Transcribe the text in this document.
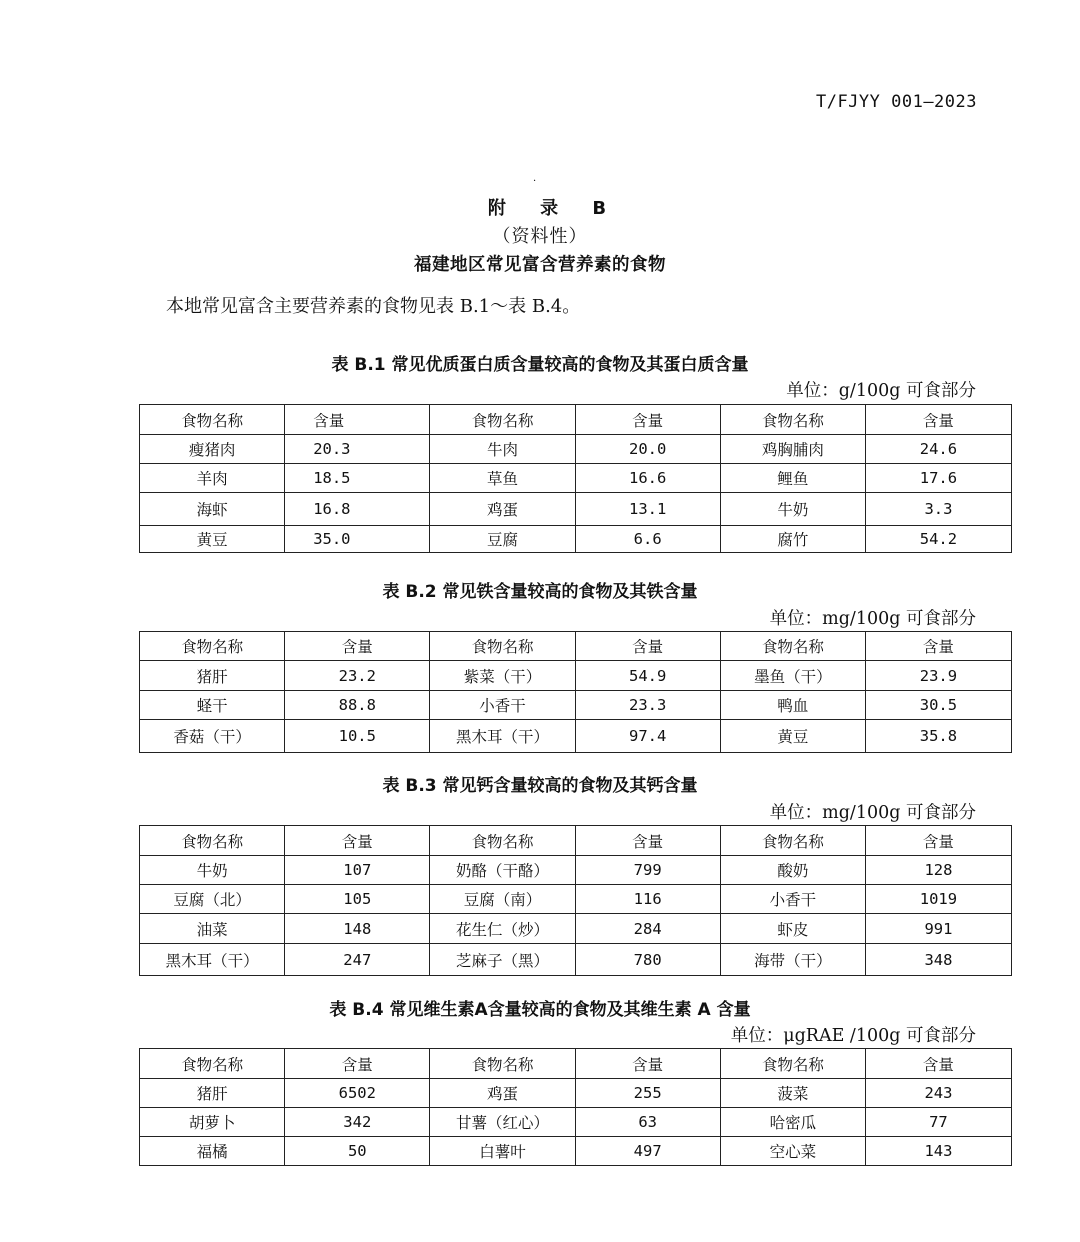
T/FJYY 001—2023
·
附 录 B
（资料性）
福建地区常见富含营养素的食物
本地常见富含主要营养素的食物见表 B.1～表 B.4。
表 B.1 常见优质蛋白质含量较高的食物及其蛋白质含量
单位：g/100g 可食部分
食物名称	含量	食物名称	含量	食物名称	含量
瘦猪肉	20.3	牛肉	20.0	鸡胸脯肉	24.6
羊肉	18.5	草鱼	16.6	鲤鱼	17.6
海虾	16.8	鸡蛋	13.1	牛奶	3.3
黄豆	35.0	豆腐	6.6	腐竹	54.2
表 B.2 常见铁含量较高的食物及其铁含量
单位：mg/100g 可食部分
食物名称	含量	食物名称	含量	食物名称	含量
猪肝	23.2	紫菜（干）	54.9	墨鱼（干）	23.9
蛏干	88.8	小香干	23.3	鸭血	30.5
香菇（干）	10.5	黑木耳（干）	97.4	黄豆	35.8
表 B.3 常见钙含量较高的食物及其钙含量
单位：mg/100g 可食部分
食物名称	含量	食物名称	含量	食物名称	含量
牛奶	107	奶酪（干酪）	799	酸奶	128
豆腐（北）	105	豆腐（南）	116	小香干	1019
油菜	148	花生仁（炒）	284	虾皮	991
黑木耳（干）	247	芝麻子（黑）	780	海带（干）	348
表 B.4 常见维生素A含量较高的食物及其维生素 A 含量
单位：μgRAE /100g 可食部分
食物名称	含量	食物名称	含量	食物名称	含量
猪肝	6502	鸡蛋	255	菠菜	243
胡萝卜	342	甘薯（红心）	63	哈密瓜	77
福橘	50	白薯叶	497	空心菜	143
